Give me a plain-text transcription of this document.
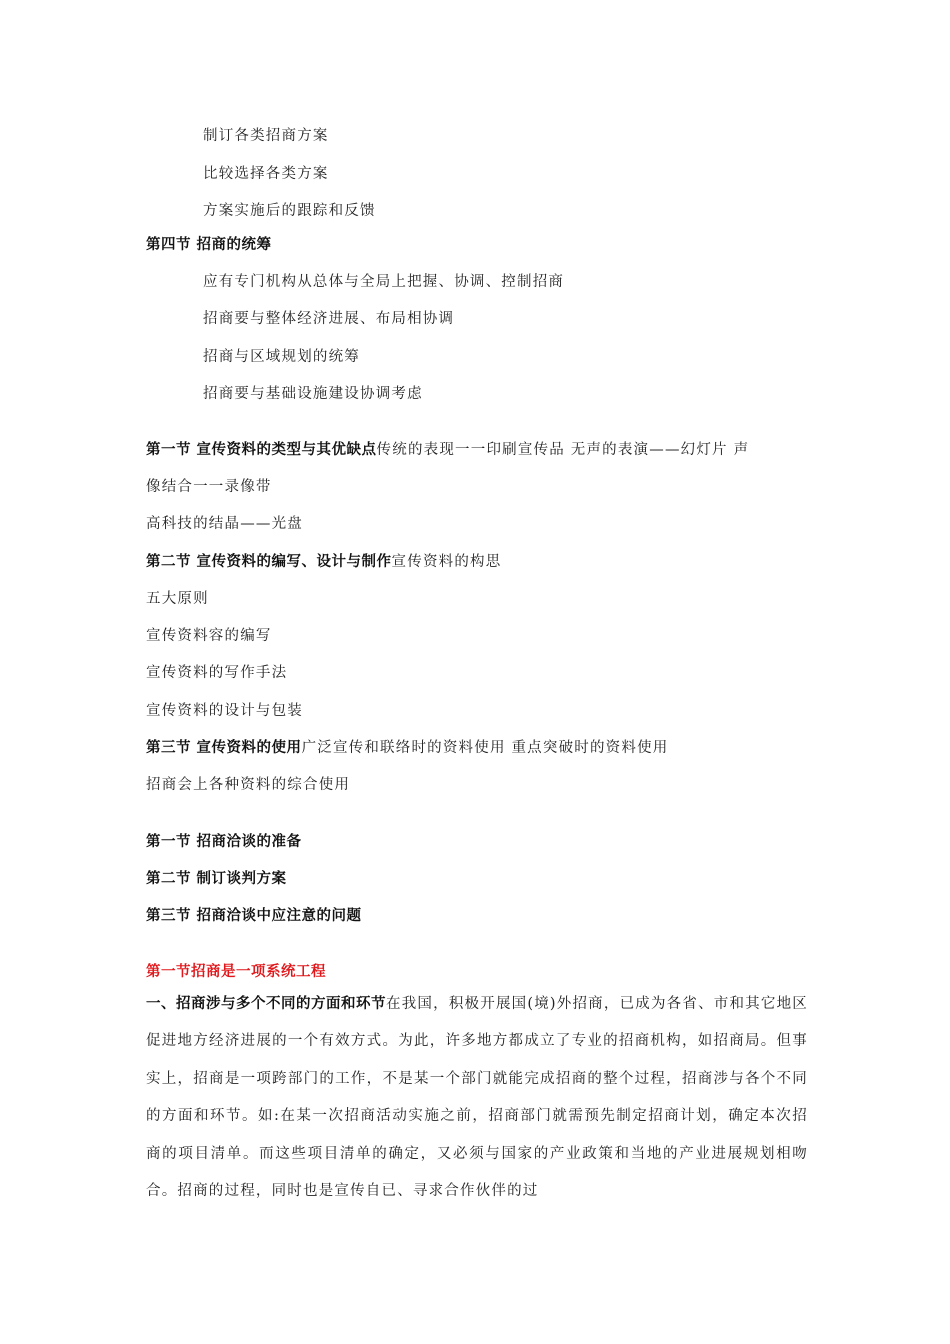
制订各类招商方案
比较选择各类方案
方案实施后的跟踪和反馈
第四节 招商的统筹
应有专门机构从总体与全局上把握、协调、控制招商
招商要与整体经济进展、布局相协调
招商与区域规划的统筹
招商要与基础设施建设协调考虑
第一节 宣传资料的类型与其优缺点传统的表现一一印刷宣传品 无声的表演——幻灯片 声
像结合一一录像带
高科技的结晶——光盘
第二节 宣传资料的编写、设计与制作宣传资料的构思
五大原则
宣传资料容的编写
宣传资料的写作手法
宣传资料的设计与包装
第三节 宣传资料的使用广泛宣传和联络时的资料使用 重点突破时的资料使用
招商会上各种资料的综合使用
第一节 招商洽谈的准备
第二节 制订谈判方案
第三节 招商洽谈中应注意的问题
第一节招商是一项系统工程
一、招商涉与多个不同的方面和环节在我国，积极开展国(境)外招商，已成为各省、市和其它地区促进地方经济进展的一个有效方式。为此，许多地方都成立了专业的招商机构，如招商局。但事实上，招商是一项跨部门的工作，不是某一个部门就能完成招商的整个过程，招商涉与各个不同的方面和环节。如:在某一次招商活动实施之前，招商部门就需预先制定招商计划，确定本次招商的项目清单。而这些项目清单的确定，又必须与国家的产业政策和当地的产业进展规划相吻合。招商的过程，同时也是宣传自已、寻求合作伙伴的过
